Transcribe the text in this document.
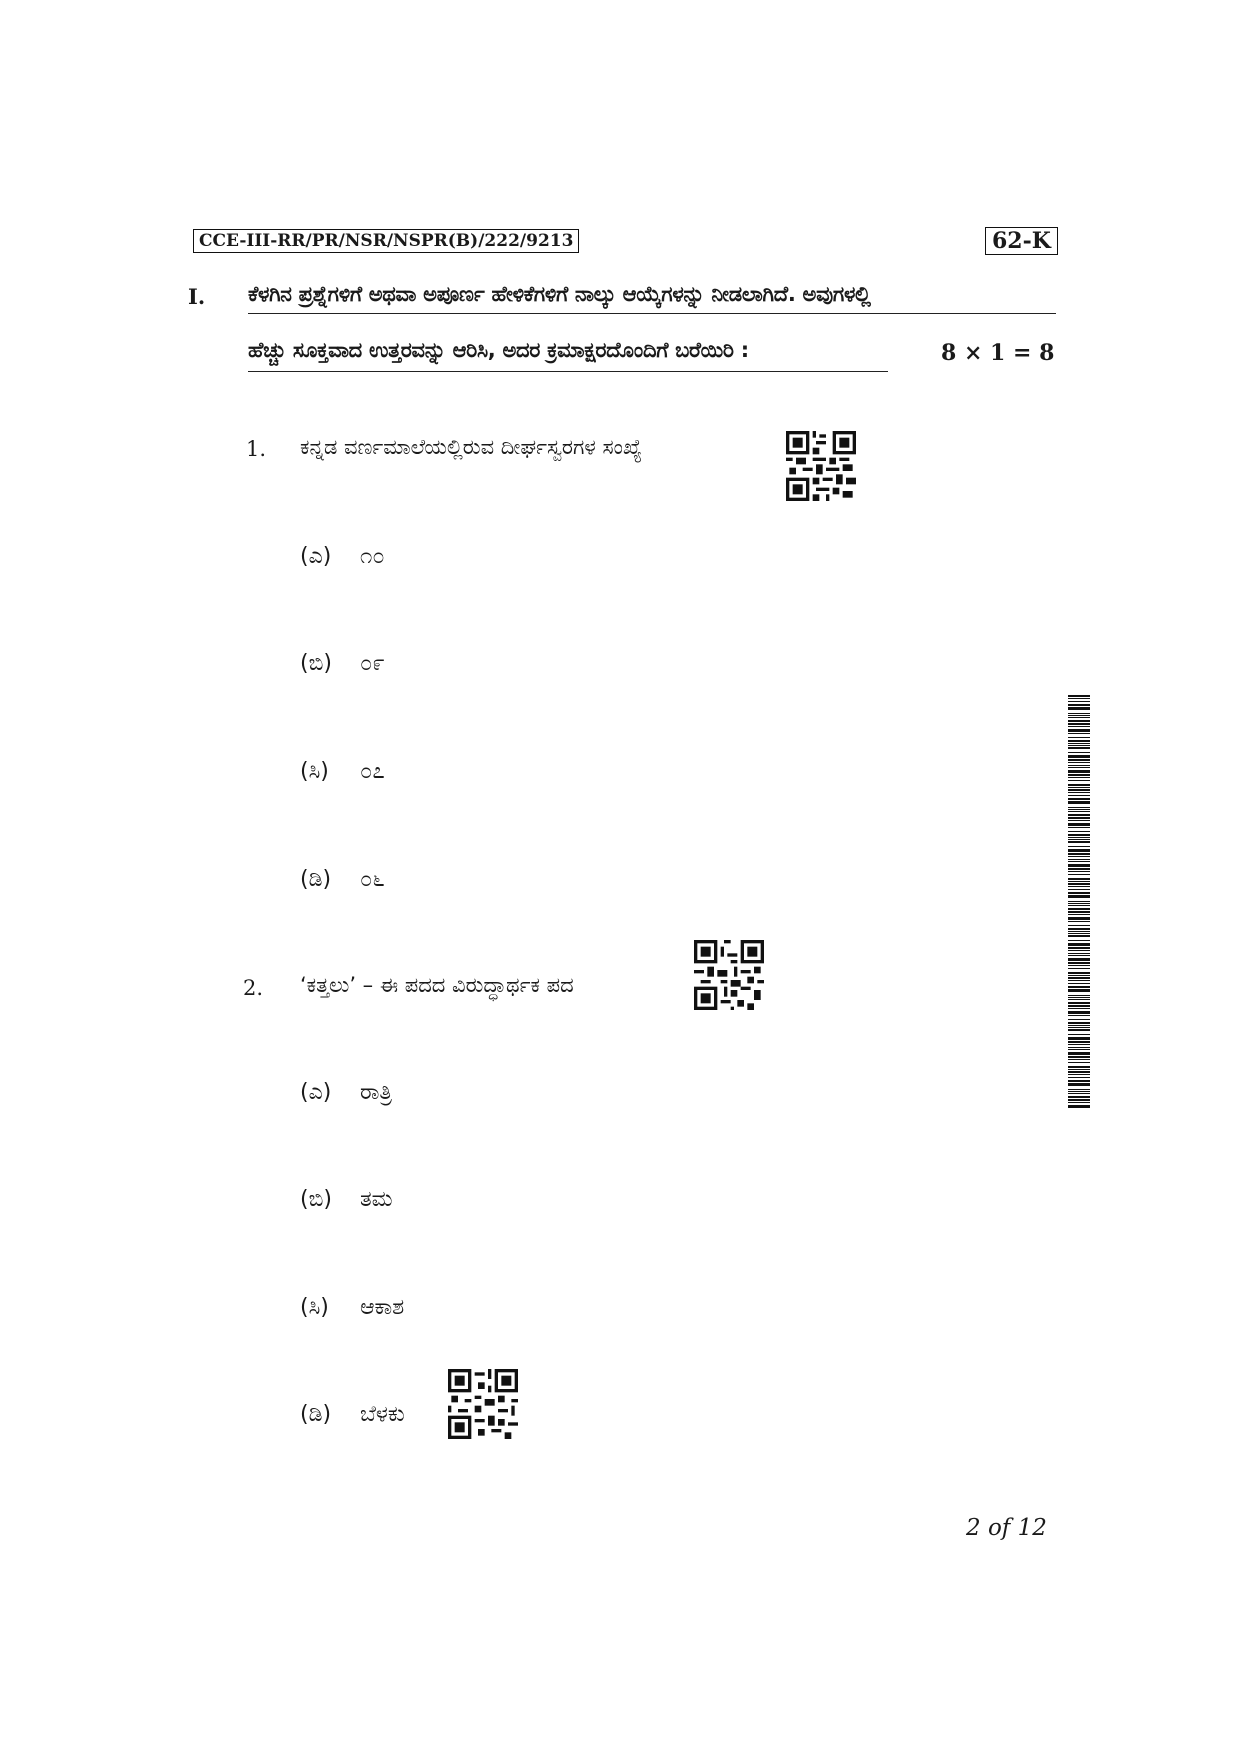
CCE-III-RR/PR/NSR/NSPR(B)/222/9213	62-K
I. ಕೆಳಗಿನ ಪ್ರಶ್ನೆಗಳಿಗೆ ಅಥವಾ ಅಪೂರ್ಣ ಹೇಳಿಕೆಗಳಿಗೆ ನಾಲ್ಕು ಆಯ್ಕೆಗಳನ್ನು ನೀಡಲಾಗಿದೆ. ಅವುಗಳಲ್ಲಿ
ಹೆಚ್ಚು ಸೂಕ್ತವಾದ ಉತ್ತರವನ್ನು ಆರಿಸಿ, ಅದರ ಕ್ರಮಾಕ್ಷರದೊಂದಿಗೆ ಬರೆಯಿರಿ :	8 × 1 = 8
1. ಕನ್ನಡ ವರ್ಣಮಾಲೆಯಲ್ಲಿರುವ ದೀರ್ಘಸ್ವರಗಳ ಸಂಖ್ಯೆ
(ಎ) ೧೦
(ಬಿ) ೦೯
(ಸಿ) ೦೭
(ಡಿ) ೦೬
2. ‘ಕತ್ತಲು’ – ಈ ಪದದ ವಿರುದ್ಧಾರ್ಥಕ ಪದ
(ಎ) ರಾತ್ರಿ
(ಬಿ) ತಮ
(ಸಿ) ಆಕಾಶ
(ಡಿ) ಬೆಳಕು
2 of 12
